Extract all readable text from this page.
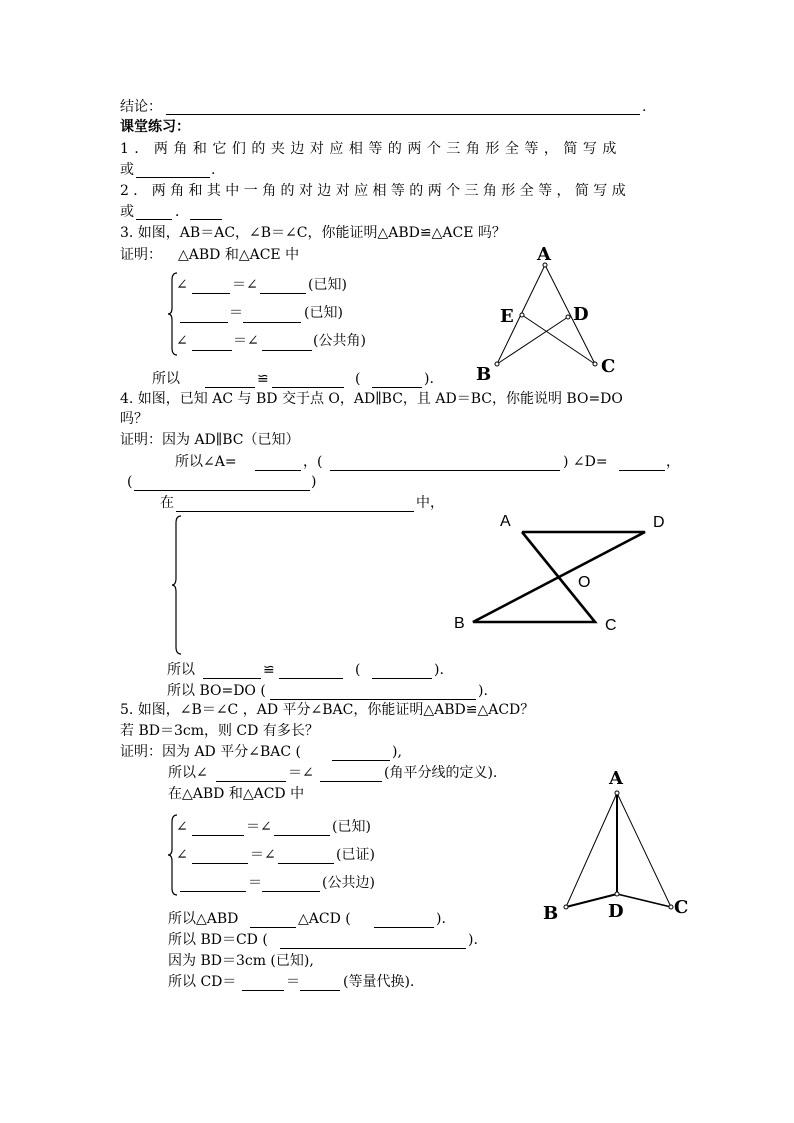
结论：	.
课堂练习：
1．两角和它们的夹边对应相等的两个三角形全等，简写成
或	.
2．两角和其中一角的对边对应相等的两个三角形全等，简写成
或	．
3. 如图，AB＝AC，∠B＝∠C，你能证明△ABD≌△ACE 吗？
证明： △ABD 和△ACE 中
∠	＝∠	(已知)
＝	(已知)
∠	＝∠	(公共角)
所以	≌	(	).
A
B	C
D
E
4. 如图，已知 AC 与 BD 交于点 O，AD∥BC，且 AD＝BC，你能说明 BO=DO
吗？
证明：因为 AD∥BC（已知）
所以∠A=	，(	) ∠D=	，
(	)
在	中，
所以	≌	(	).
所以 BO=DO (	).
A	D
B	C
O
5. 如图，∠B＝∠C ，AD 平分∠BAC，你能证明△ABD≌△ACD？
若 BD＝3cm，则 CD 有多长？
证明：因为 AD 平分∠BAC (	),
所以∠	＝∠	(角平分线的定义).
在△ABD 和△ACD 中
∠	＝∠	(已知)
∠	＝∠	(已证)
＝	(公共边)
所以△ABD	△ACD (	).
所以 BD＝CD (	).
因为 BD＝3cm (已知),
所以 CD＝	＝	(等量代换).
A
B	C
D
